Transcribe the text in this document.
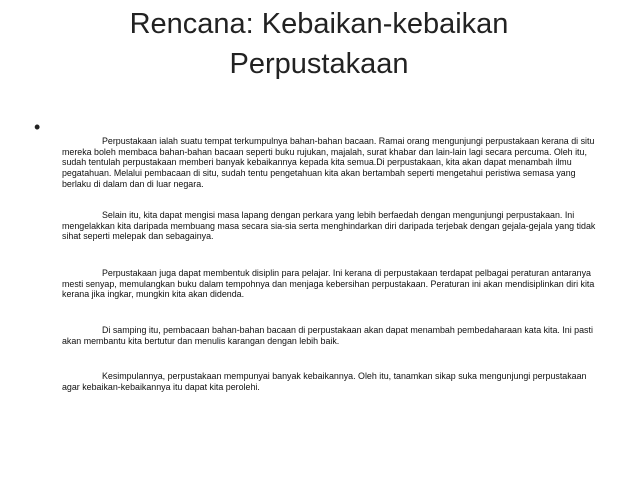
Rencana: Kebaikan-kebaikan Perpustakaan
•

Perpustakaan ialah suatu tempat terkumpulnya bahan-bahan bacaan. Ramai orang mengunjungi perpustakaan kerana di situ mereka boleh membaca bahan-bahan bacaan seperti buku rujukan, majalah, surat khabar dan lain-lain lagi secara percuma. Oleh itu, sudah tentulah perpustakaan memberi banyak kebaikannya kepada kita semua.Di perpustakaan, kita akan dapat menambah ilmu pegatahuan. Melalui pembacaan di situ, sudah tentu pengetahuan kita akan bertambah seperti mengetahui peristiwa semasa yang berlaku di dalam dan di luar negara.

Selain itu, kita dapat mengisi masa lapang dengan perkara yang lebih berfaedah dengan mengunjungi perpustakaan. Ini mengelakkan kita daripada membuang masa secara sia-sia serta menghindarkan diri daripada terjebak dengan gejala-gejala yang tidak sihat seperti melepak dan sebagainya.

Perpustakaan juga dapat membentuk disiplin para pelajar. Ini kerana di perpustakaan terdapat pelbagai peraturan antaranya mesti senyap, memulangkan buku dalam tempohnya dan menjaga kebersihan perpustakaan. Peraturan ini akan mendisiplinkan diri kita kerana jika ingkar, mungkin kita akan didenda.

Di samping itu, pembacaan bahan-bahan bacaan di perpustakaan akan dapat menambah pembedaharaan kata kita. Ini pasti akan membantu kita bertutur dan menulis karangan dengan lebih baik.

Kesimpulannya, perpustakaan mempunyai banyak kebaikannya. Oleh itu, tanamkan sikap suka mengunjungi perpustakaan agar kebaikan-kebaikannya itu dapat kita perolehi.
